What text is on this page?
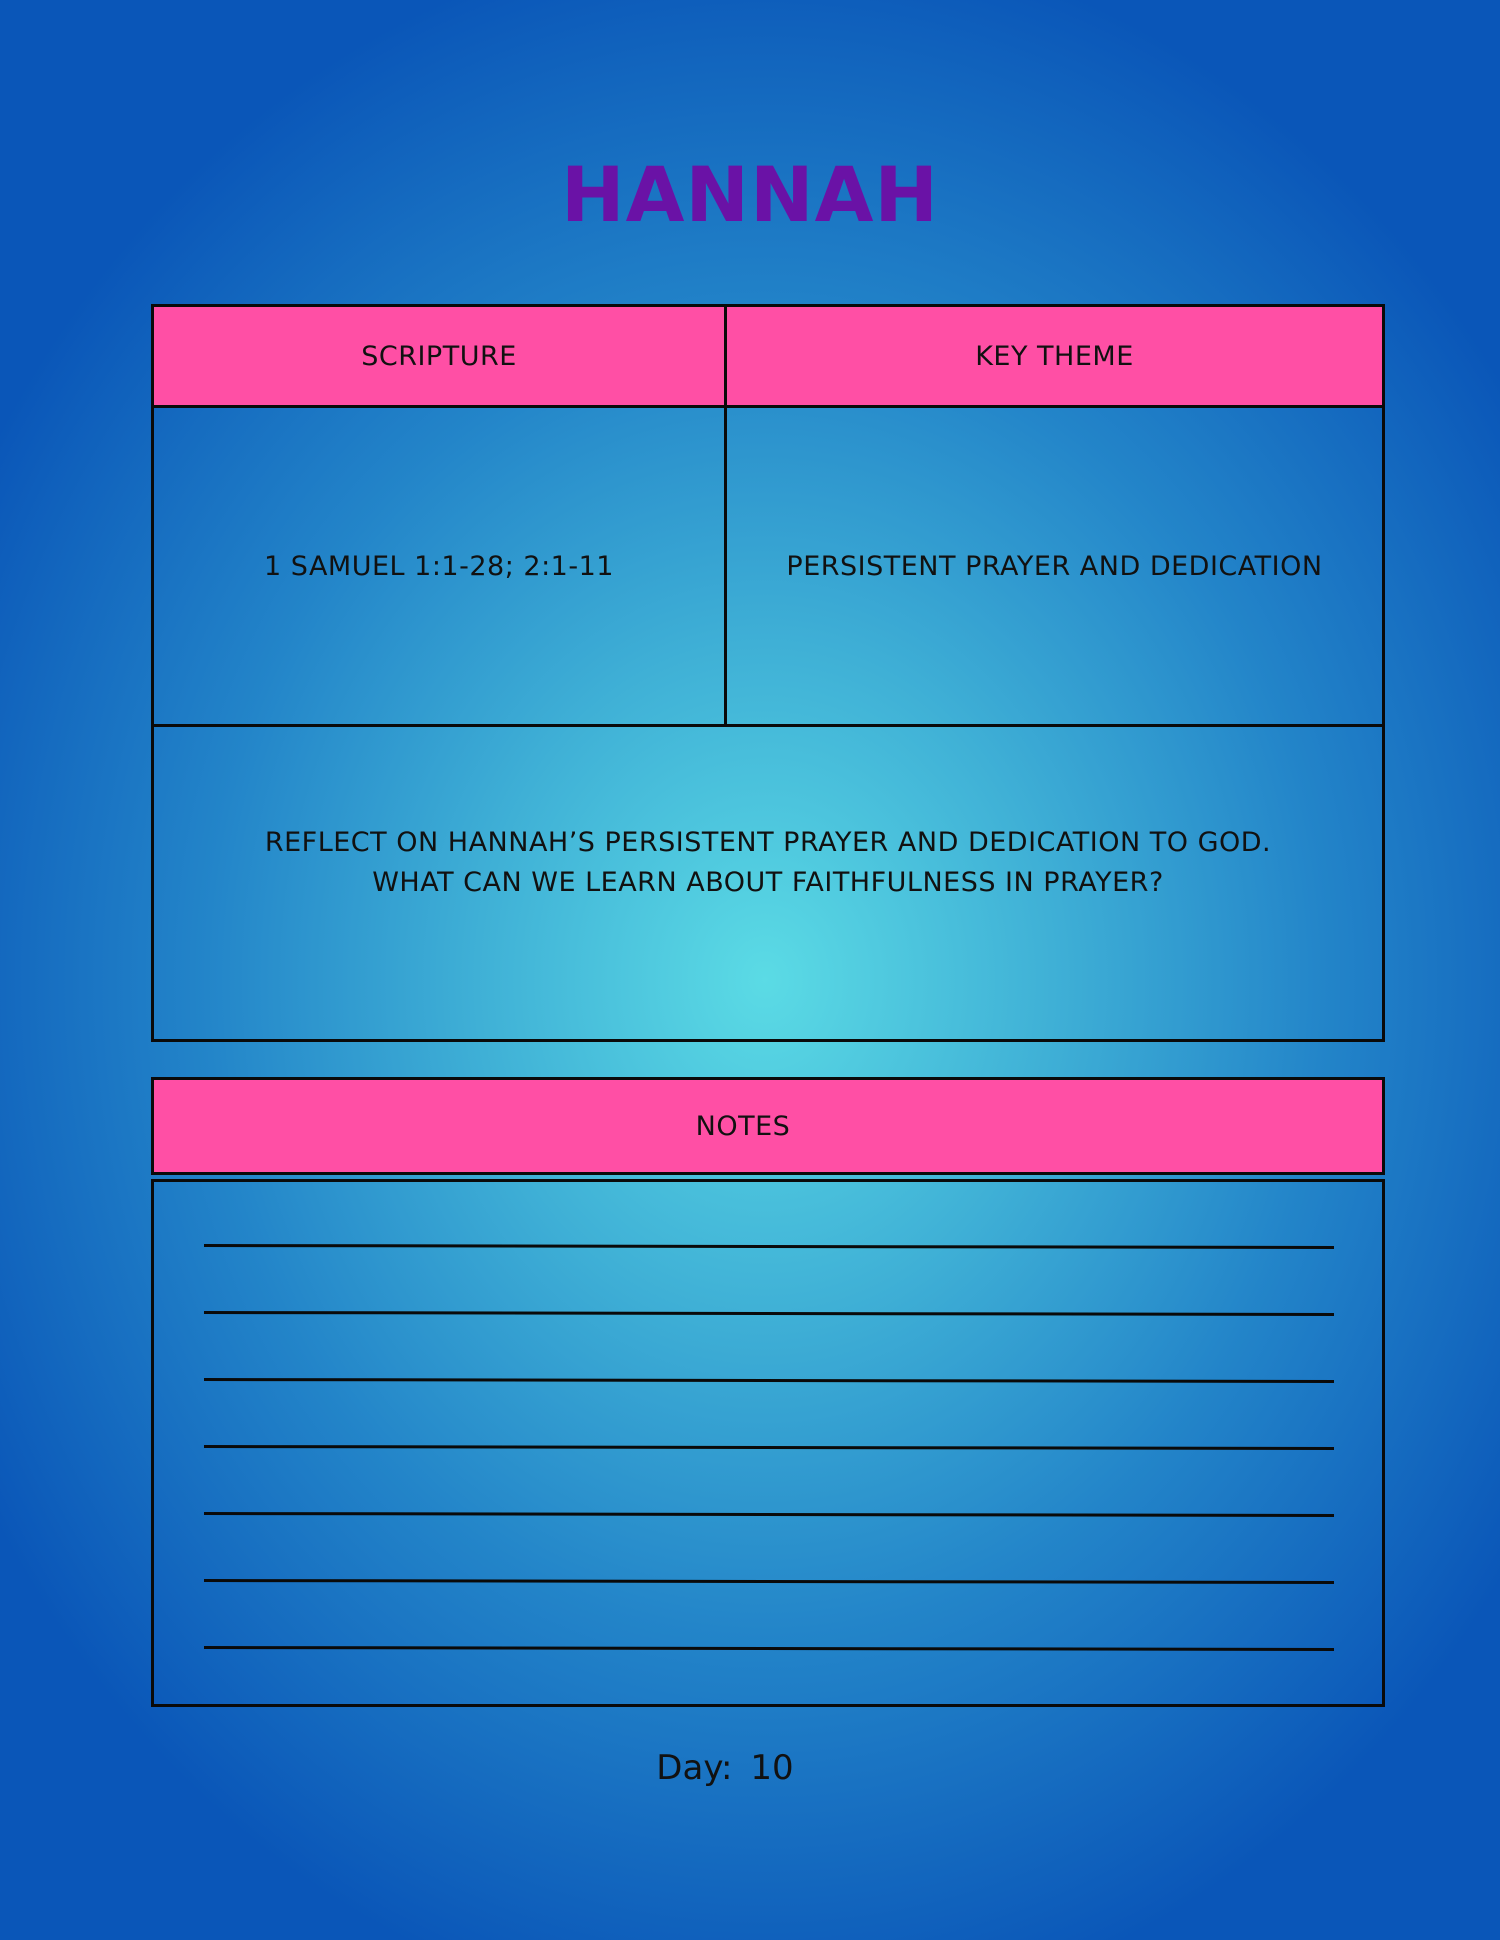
HANNAH
SCRIPTURE	KEY THEME
1 SAMUEL 1:1-28; 2:1-11	PERSISTENT PRAYER AND DEDICATION
REFLECT ON HANNAH’S PERSISTENT PRAYER AND DEDICATION TO GOD.
WHAT CAN WE LEARN ABOUT FAITHFULNESS IN PRAYER?
NOTES
Day: 10
